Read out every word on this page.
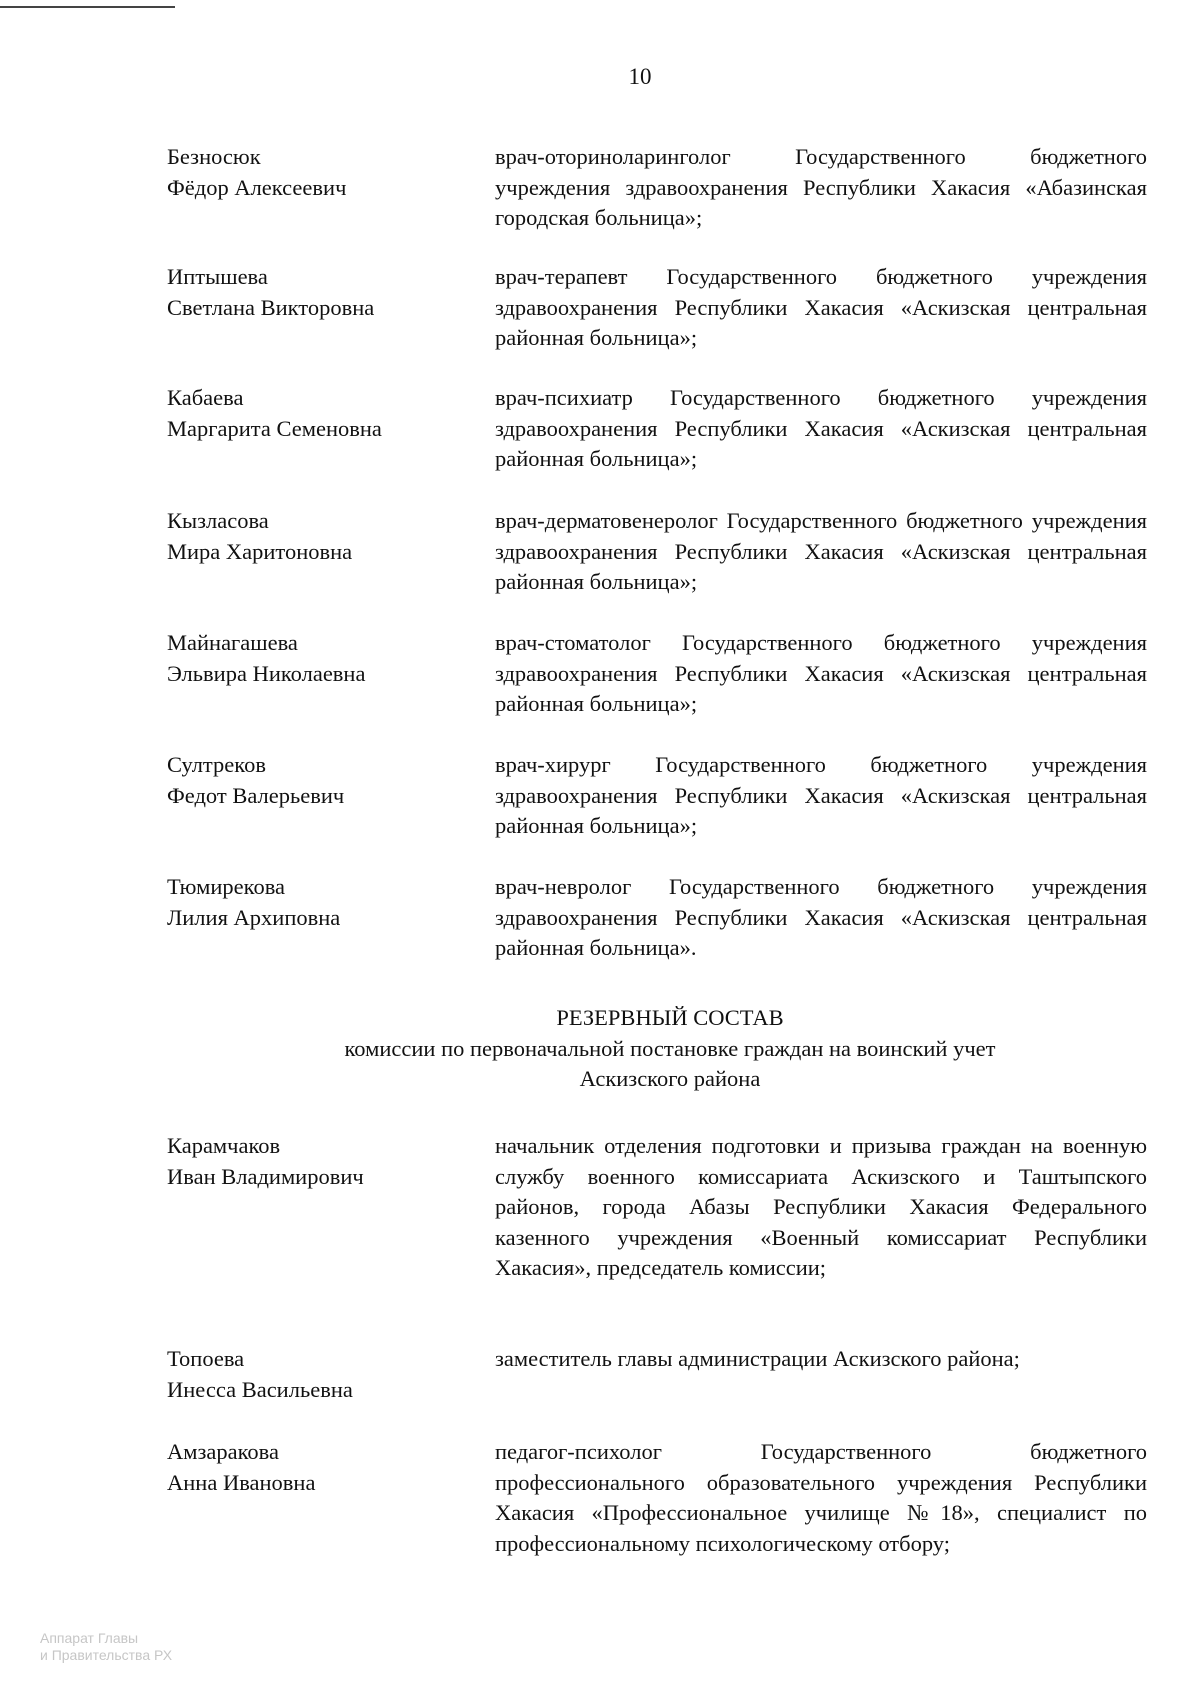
10
Безносюк
Фёдор Алексеевич
врач-оториноларинголог Государственного бюджетного учреждения здравоохранения Республики Хакасия «Абазинская городская больница»;
Иптышева
Светлана Викторовна
врач-терапевт Государственного бюджетного учреждения здравоохранения Республики Хакасия «Аскизская центральная районная больница»;
Кабаева
Маргарита Семеновна
врач-психиатр Государственного бюджетного учреждения здравоохранения Республики Хакасия «Аскизская центральная районная больница»;
Кызласова
Мира Харитоновна
врач-дерматовенеролог Государственного бюджетного учреждения здравоохранения Республики Хакасия «Аскизская центральная районная больница»;
Майнагашева
Эльвира Николаевна
врач-стоматолог Государственного бюджетного учреждения здравоохранения Республики Хакасия «Аскизская центральная районная больница»;
Султреков
Федот Валерьевич
врач-хирург Государственного бюджетного учреждения здравоохранения Республики Хакасия «Аскизская центральная районная больница»;
Тюмирекова
Лилия Архиповна
врач-невролог Государственного бюджетного учреждения здравоохранения Республики Хакасия «Аскизская центральная районная больница».
РЕЗЕРВНЫЙ СОСТАВ
комиссии по первоначальной постановке граждан на воинский учет
Аскизского района
Карамчаков
Иван Владимирович
начальник отделения подготовки и призыва граждан на военную службу военного комиссариата Аскизского и Таштыпского районов, города Абазы Республики Хакасия Федерального казенного учреждения «Военный комиссариат Республики Хакасия», председатель комиссии;
Топоева
Инесса Васильевна
заместитель главы администрации Аскизского района;
Амзаракова
Анна Ивановна
педагог-психолог Государственного бюджетного профессионального образовательного учреждения Республики Хакасия «Профессиональное училище №18», специалист по профессиональному психологическому отбору;
Аппарат Главы
и Правительства РХ
